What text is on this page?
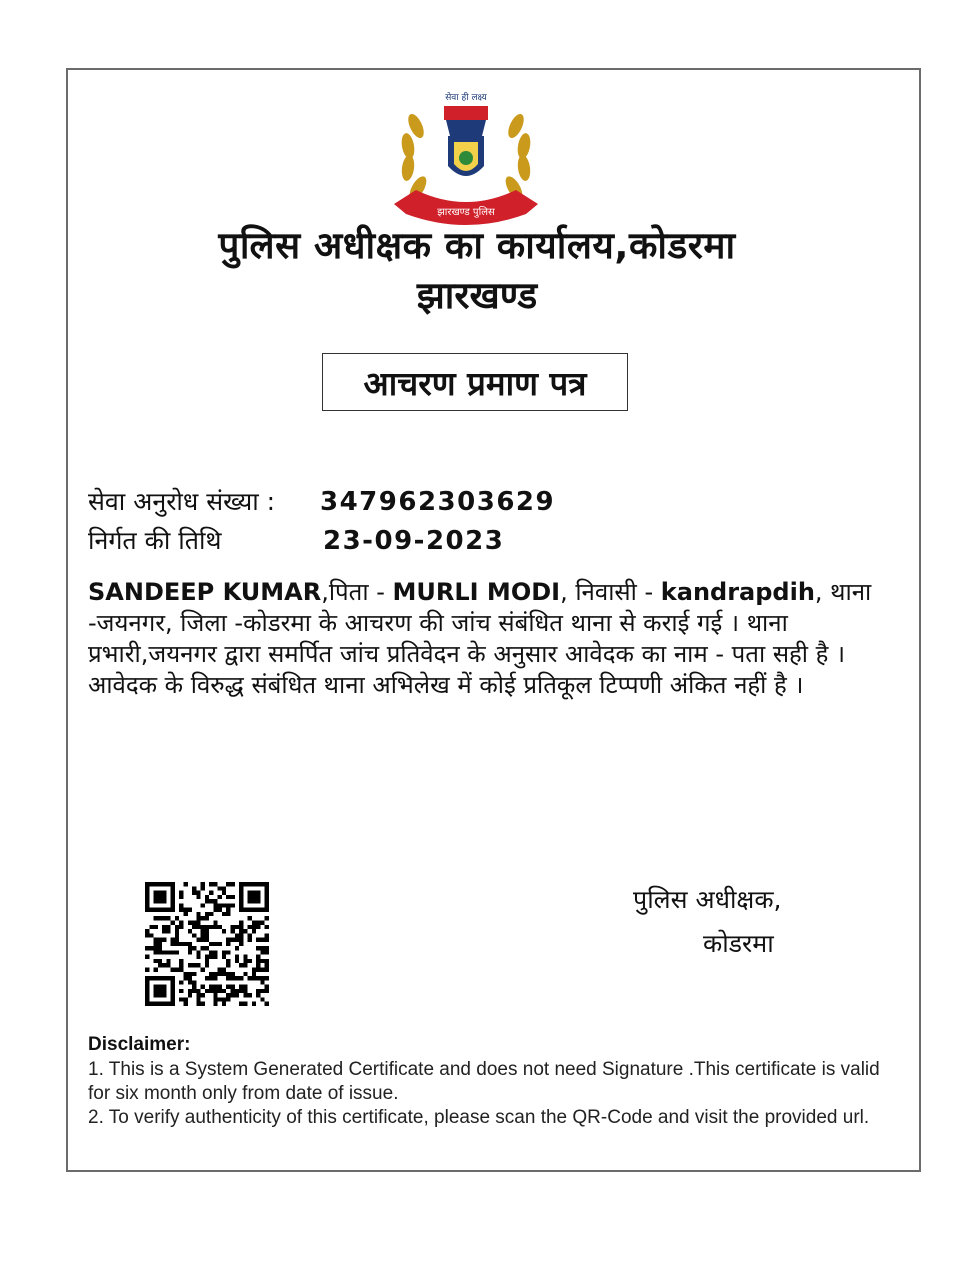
सेवा ही लक्ष्य
झारखण्ड पुलिस
पुलिस अधीक्षक का कार्यालय,कोडरमा
झारखण्ड
आचरण प्रमाण पत्र
सेवा अनुरोध संख्या : 347962303629
निर्गत की तिथि	23-09-2023
SANDEEP KUMAR,पिता - MURLI MODI, निवासी - kandrapdih, थाना -जयनगर, जिला -कोडरमा के आचरण की जांच संबंधित थाना से कराई गई । थाना प्रभारी,जयनगर द्वारा समर्पित जांच प्रतिवेदन के अनुसार आवेदक का नाम - पता सही है । आवेदक के विरुद्ध संबंधित थाना अभिलेख में कोई प्रतिकूल टिप्पणी अंकित नहीं है ।
पुलिस अधीक्षक,
कोडरमा
Disclaimer:

1. This is a System Generated Certificate and does not need Signature .This certificate is valid for six month only from date of issue.

2. To verify authenticity of this certificate, please scan the QR-Code and visit the provided url.
